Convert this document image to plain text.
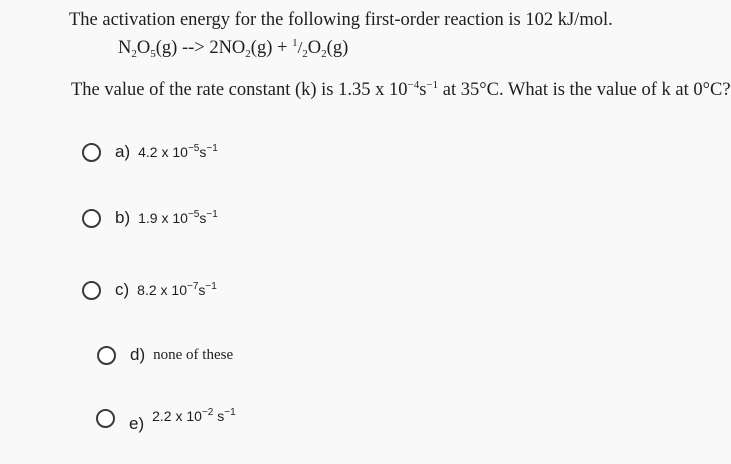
The activation energy for the following first-order reaction is 102 kJ/mol.
$N_2O_5(g)$ --> $2NO_2(g) + ^1/_2O_2(g)$
The value of the rate constant (k) is 1.35 x $10^{-4}s^{-1}$ at 35°C. What is the value of k at 0°C?
a) 4.2 x $10^{-5}s^{-1}$
b) 1.9 x $10^{-5}s^{-1}$
c) 8.2 x $10^{-7}s^{-1}$
d) none of these
e) 2.2 x $10^{-2}$ $s^{-1}$
